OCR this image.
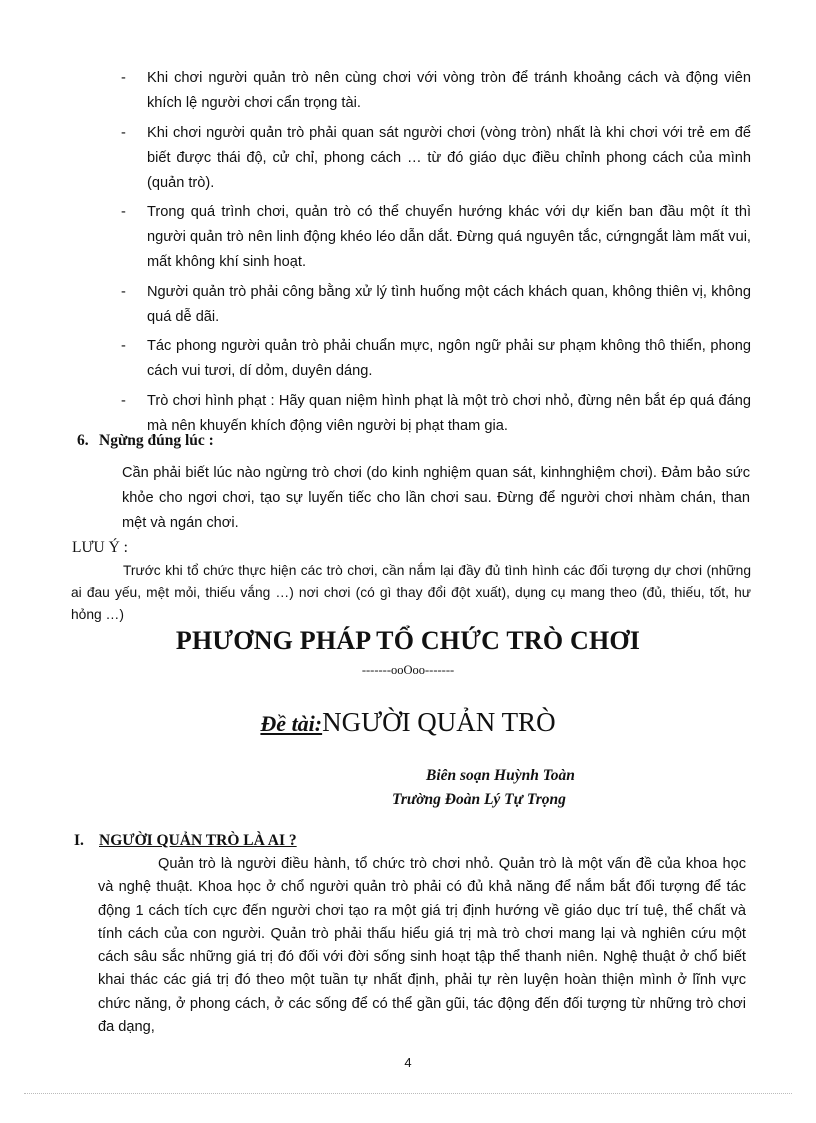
- Khi chơi người quản trò nên cùng chơi với vòng tròn để tránh khoảng cách và động viên khích lệ người chơi cẩn trọng tài.
- Khi chơi người quản trò phải quan sát người chơi (vòng tròn) nhất là khi chơi với trẻ em để biết được thái độ, cử chỉ, phong cách … từ đó giáo dục điều chỉnh phong cách của mình (quản trò).
- Trong quá trình chơi, quản trò có thể chuyển hướng khác với dự kiến ban đầu một ít thì người quản trò nên linh động khéo léo dẫn dắt. Đừng quá nguyên tắc, cứngngắt làm mất vui, mất không khí sinh hoạt.
- Người quản trò phải công bằng xử lý tình huống một cách khách quan, không thiên vị, không quá dễ dãi.
- Tác phong người quản trò phải chuẩn mực, ngôn ngữ phải sư phạm không thô thiển, phong cách vui tươi, dí dỏm, duyên dáng.
- Trò chơi hình phạt : Hãy quan niệm hình phạt là một trò chơi nhỏ, đừng nên bắt ép quá đáng mà nên khuyến khích động viên người bị phạt tham gia.
6. Ngừng đúng lúc :
Cần phải biết lúc nào ngừng trò chơi (do kinh nghiệm quan sát, kinhnghiệm chơi). Đảm bảo sức khỏe cho ngơi chơi, tạo sự luyến tiếc cho lần chơi sau. Đừng để người chơi nhàm chán, than mệt và ngán chơi.
LƯU Ý :
Trước khi tổ chức thực hiện các trò chơi, cần nắm lại đầy đủ tình hình các đối tượng dự chơi (những ai đau yếu, mệt mỏi, thiếu vắng …) nơi chơi (có gì thay đổi đột xuất), dụng cụ mang theo (đủ, thiếu, tốt, hư hỏng …)
PHƯƠNG PHÁP TỔ CHỨC TRÒ CHƠI
-------ooOoo-------
Đề tài:NGƯỜI QUẢN TRÒ
Biên soạn Huỳnh Toàn
Trường Đoàn Lý Tự Trọng
I. NGƯỜI QUẢN TRÒ LÀ AI ?
Quản trò là người điều hành, tổ chức trò chơi nhỏ. Quản trò là một vấn đề của khoa học và nghệ thuật. Khoa học ở chổ người quản trò phải có đủ khả năng để nắm bắt đối tượng để tác động 1 cách tích cực đến người chơi tạo ra một giá trị định hướng về giáo dục trí tuệ, thể chất và tính cách của con người. Quản trò phải thấu hiểu giá trị mà trò chơi mang lại và nghiên cứu một cách sâu sắc những giá trị đó đối với đời sống sinh hoạt tập thể thanh niên. Nghệ thuật ở chổ biết khai thác các giá trị đó theo một tuần tự nhất định, phải tự rèn luyện hoàn thiện mình ở lĩnh vực chức năng, ở phong cách, ở các sống để có thể gần gũi, tác động đến đối tượng từ những trò chơi đa dạng,
4
